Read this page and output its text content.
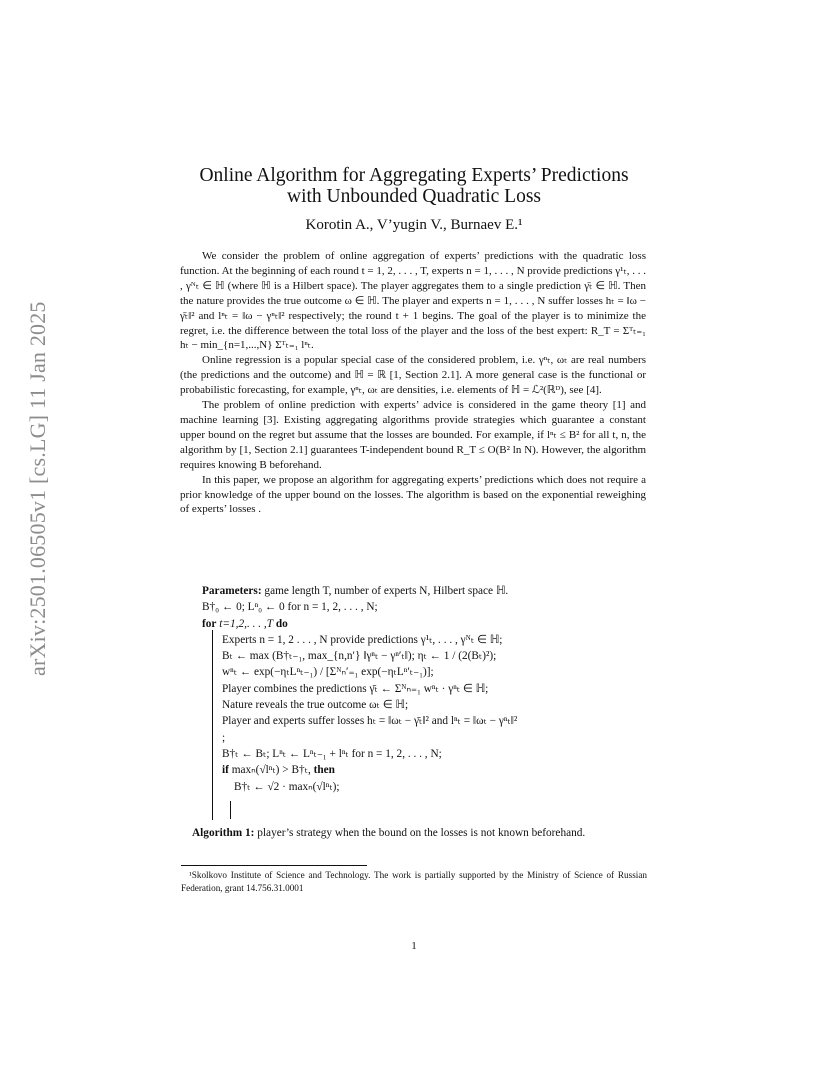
arXiv:2501.06505v1 [cs.LG] 11 Jan 2025
Online Algorithm for Aggregating Experts’ Predictions
with Unbounded Quadratic Loss
Korotin A., V’yugin V., Burnaev E.¹

We consider the problem of online aggregation of experts’ predictions with the quadratic loss function. At the beginning of each round t = 1, 2, . . . , T, experts n = 1, . . . , N provide predictions γ¹ₜ, . . . , γᴺₜ ∈ ℍ (where ℍ is a Hilbert space). The player aggregates them to a single prediction γ̄ₜ ∈ ℍ. Then the nature provides the true outcome ω ∈ ℍ. The player and experts n = 1, . . . , N suffer losses hₜ = ‖ω − γ̄ₜ‖² and lⁿₜ = ‖ω − γⁿₜ‖² respectively; the round t + 1 begins. The goal of the player is to minimize the regret, i.e. the difference between the total loss of the player and the loss of the best expert: R_T = Σᵀₜ₌₁ hₜ − min_{n=1,...,N} Σᵀₜ₌₁ lⁿₜ.

Online regression is a popular special case of the considered problem, i.e. γⁿₜ, ωₜ are real numbers (the predictions and the outcome) and ℍ = ℝ [1, Section 2.1]. A more general case is the functional or probabilistic forecasting, for example, γⁿₜ, ωₜ are densities, i.e. elements of ℍ = ℒ²(ℝᴰ), see [4].

The problem of online prediction with experts’ advice is considered in the game theory [1] and machine learning [3]. Existing aggregating algorithms provide strategies which guarantee a constant upper bound on the regret but assume that the losses are bounded. For example, if lⁿₜ ≤ B² for all t, n, the algorithm by [1, Section 2.1] guarantees T-independent bound R_T ≤ O(B² ln N). However, the algorithm requires knowing B beforehand.

In this paper, we propose an algorithm for aggregating experts’ predictions which does not require a prior knowledge of the upper bound on the losses. The algorithm is based on the exponential reweighing of experts’ losses .

Parameters: game length T, number of experts N, Hilbert space ℍ.
B†₀ ← 0; Lⁿ₀ ← 0 for n = 1, 2, . . . , N;
for t=1,2,. . . ,T do
Experts n = 1, 2 . . . , N provide predictions γ¹ₜ, . . . , γᴺₜ ∈ ℍ;
Bₜ ← max (B†ₜ₋₁, max_{n,n′} ‖γⁿₜ − γⁿ′ₜ‖); ηₜ ← 1 / (2(Bₜ)²);
wⁿₜ ← exp(−ηₜLⁿₜ₋₁) / [Σᴺₙ′₌₁ exp(−ηₜLⁿ′ₜ₋₁)];
Player combines the predictions γ̄ₜ ← Σᴺₙ₌₁ wⁿₜ · γⁿₜ ∈ ℍ;
Nature reveals the true outcome ωₜ ∈ ℍ;
Player and experts suffer losses hₜ = ‖ωₜ − γ̄ₜ‖² and lⁿₜ = ‖ωₜ − γⁿₜ‖²
;
B†ₜ ← Bₜ; Lⁿₜ ← Lⁿₜ₋₁ + lⁿₜ for n = 1, 2, . . . , N;
if maxₙ(√lⁿₜ) > B†ₜ, then
B†ₜ ← √2 · maxₙ(√lⁿₜ);
Algorithm 1: player’s strategy when the bound on the losses is not known beforehand.

¹Skolkovo Institute of Science and Technology. The work is partially supported by the Ministry of Science of Russian Federation, grant 14.756.31.0001

1
